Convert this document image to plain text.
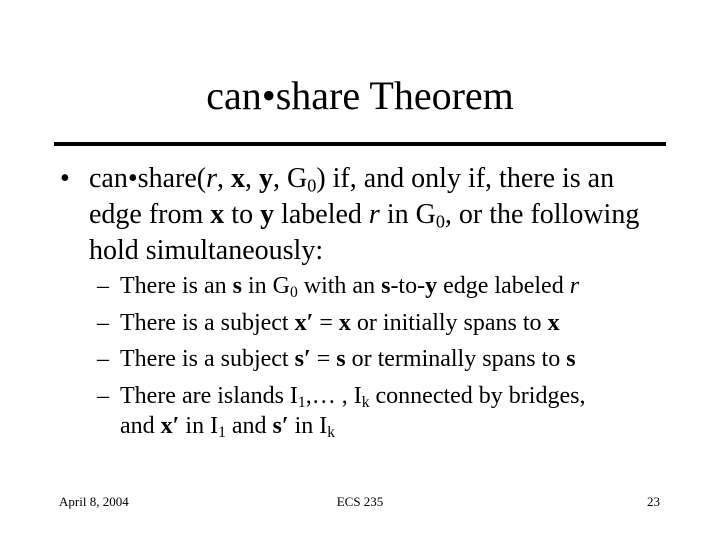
can•share Theorem
• can•share(r, x, y, $G_0$) if, and only if, there is an edge from x to y labeled r in $G_0$, or the following hold simultaneously:
– There is an s in $G_0$ with an s-to-y edge labeled r
– There is a subject x′ = x or initially spans to x
– There is a subject s′ = s or terminally spans to s
– There are islands $I_1,\dots$ , $I_k$ connected by bridges,
and x′ in $I_1$ and s′ in $I_k$
April 8, 2004	ECS 235	23
